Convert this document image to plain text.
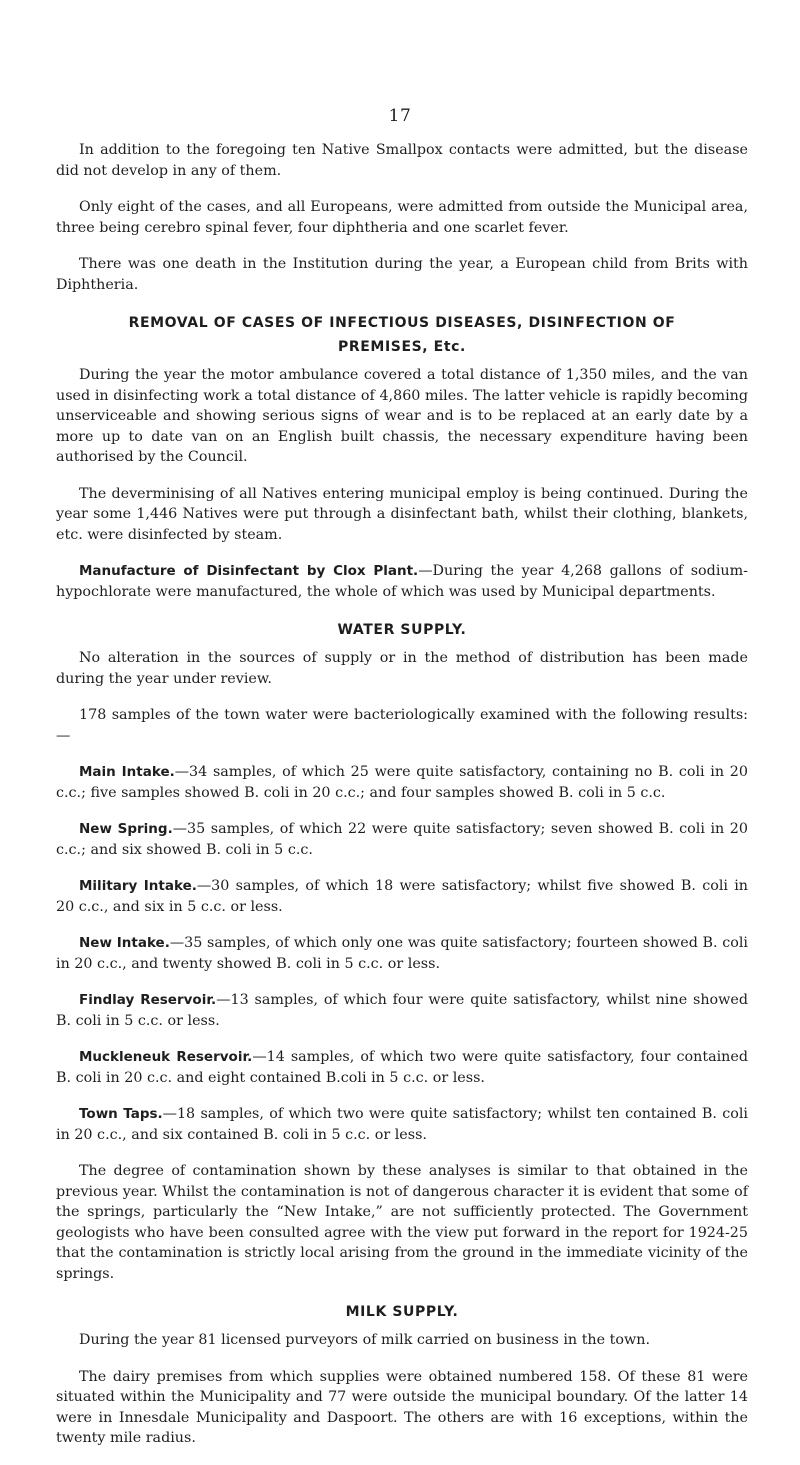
17

In addition to the foregoing ten Native Smallpox contacts were admitted, but the disease did not develop in any of them.

Only eight of the cases, and all Europeans, were admitted from outside the Municipal area, three being cerebro spinal fever, four diphtheria and one scarlet fever.

There was one death in the Institution during the year, a European child from Brits with Diphtheria.

REMOVAL OF CASES OF INFECTIOUS DISEASES, DISINFECTION OF PREMISES, Etc.

During the year the motor ambulance covered a total distance of 1,350 miles, and the van used in disinfecting work a total distance of 4,860 miles. The latter vehicle is rapidly becoming unserviceable and showing serious signs of wear and is to be replaced at an early date by a more up to date van on an English built chassis, the necessary expenditure having been authorised by the Council.

The deverminising of all Natives entering municipal employ is being continued. During the year some 1,446 Natives were put through a disinfectant bath, whilst their clothing, blankets, etc. were disinfected by steam.

Manufacture of Disinfectant by Clox Plant.—During the year 4,268 gallons of sodium-hypochlorate were manufactured, the whole of which was used by Municipal departments.

WATER SUPPLY.

No alteration in the sources of supply or in the method of distribution has been made during the year under review.

178 samples of the town water were bacteriologically examined with the following results:—

Main Intake.—34 samples, of which 25 were quite satisfactory, containing no B. coli in 20 c.c.; five samples showed B. coli in 20 c.c.; and four samples showed B. coli in 5 c.c.

New Spring.—35 samples, of which 22 were quite satisfactory; seven showed B. coli in 20 c.c.; and six showed B. coli in 5 c.c.

Military Intake.—30 samples, of which 18 were satisfactory; whilst five showed B. coli in 20 c.c., and six in 5 c.c. or less.

New Intake.—35 samples, of which only one was quite satisfactory; fourteen showed B. coli in 20 c.c., and twenty showed B. coli in 5 c.c. or less.

Findlay Reservoir.—13 samples, of which four were quite satisfactory, whilst nine showed B. coli in 5 c.c. or less.

Muckleneuk Reservoir.—14 samples, of which two were quite satisfactory, four contained B. coli in 20 c.c. and eight contained B.coli in 5 c.c. or less.

Town Taps.—18 samples, of which two were quite satisfactory; whilst ten contained B. coli in 20 c.c., and six contained B. coli in 5 c.c. or less.

The degree of contamination shown by these analyses is similar to that obtained in the previous year. Whilst the contamination is not of dangerous character it is evident that some of the springs, particularly the “New Intake,” are not sufficiently protected. The Government geologists who have been consulted agree with the view put forward in the report for 1924-25 that the contamination is strictly local arising from the ground in the immediate vicinity of the springs.

MILK SUPPLY.

During the year 81 licensed purveyors of milk carried on business in the town.

The dairy premises from which supplies were obtained numbered 158. Of these 81 were situated within the Municipality and 77 were outside the municipal boundary. Of the latter 14 were in Innesdale Municipality and Daspoort. The others are with 16 exceptions, within the twenty mile radius.
